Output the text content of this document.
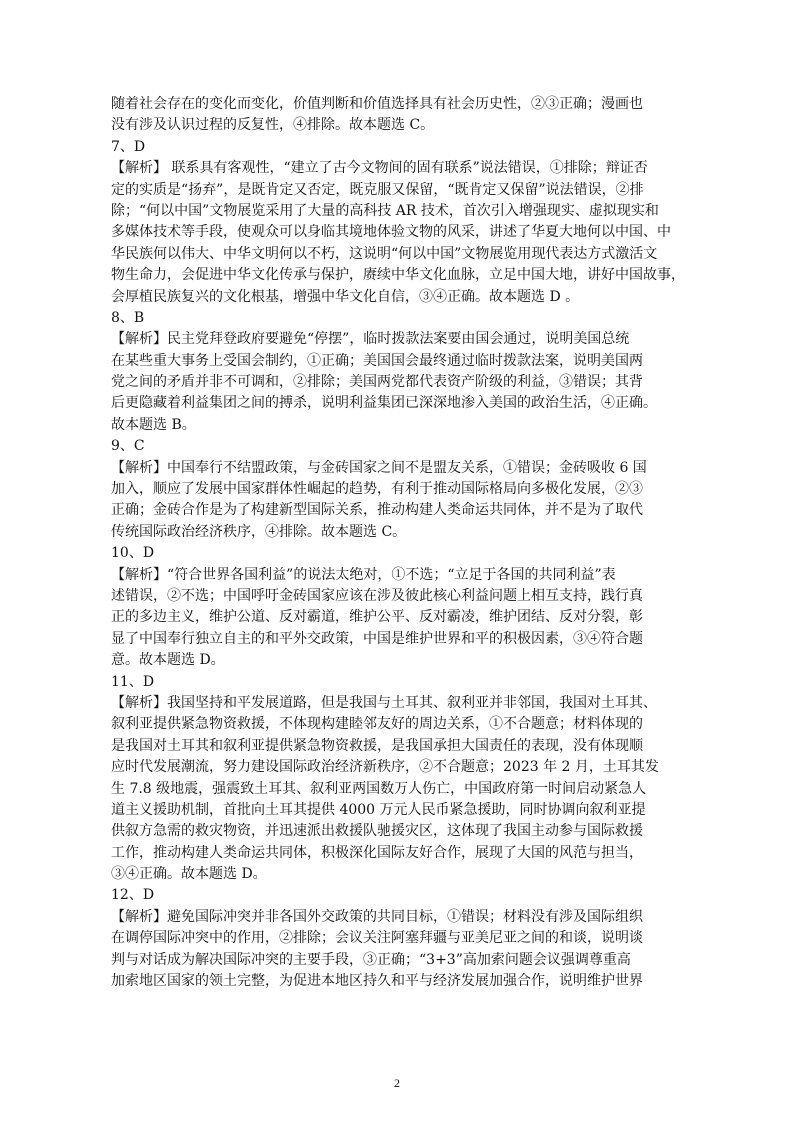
随着社会存在的变化而变化，价值判断和价值选择具有社会历史性，②③正确；漫画也
没有涉及认识过程的反复性，④排除。故本题选 C。
7、D
【解析】 联系具有客观性，“建立了古今文物间的固有联系”说法错误，①排除；辩证否
定的实质是“扬弃”，是既肯定又否定，既克服又保留，“既肯定又保留”说法错误，②排
除；“何以中国”文物展览采用了大量的高科技 AR 技术，首次引入增强现实、虚拟现实和
多媒体技术等手段，使观众可以身临其境地体验文物的风采，讲述了华夏大地何以中国、中
华民族何以伟大、中华文明何以不朽，这说明“何以中国”文物展览用现代表达方式激活文
物生命力，会促进中华文化传承与保护，赓续中华文化血脉，立足中国大地，讲好中国故事，
会厚植民族复兴的文化根基，增强中华文化自信，③④正确。故本题选 D 。
8、B
【解析】民主党拜登政府要避免“停摆”，临时拨款法案要由国会通过，说明美国总统
在某些重大事务上受国会制约，①正确；美国国会最终通过临时拨款法案，说明美国两
党之间的矛盾并非不可调和，②排除；美国两党都代表资产阶级的利益，③错误；其背
后更隐藏着利益集团之间的搏杀，说明利益集团已深深地渗入美国的政治生活，④正确。
故本题选 B。
9、C
【解析】中国奉行不结盟政策，与金砖国家之间不是盟友关系，①错误；金砖吸收 6 国
加入，顺应了发展中国家群体性崛起的趋势，有利于推动国际格局向多极化发展，②③
正确；金砖合作是为了构建新型国际关系，推动构建人类命运共同体，并不是为了取代
传统国际政治经济秩序，④排除。故本题选 C。
10、D
【解析】“符合世界各国利益”的说法太绝对，①不选；“立足于各国的共同利益”表
述错误，②不选；中国呼吁金砖国家应该在涉及彼此核心利益问题上相互支持，践行真
正的多边主义，维护公道、反对霸道，维护公平、反对霸凌，维护团结、反对分裂，彰
显了中国奉行独立自主的和平外交政策，中国是维护世界和平的积极因素，③④符合题
意。故本题选 D。
11、D
【解析】我国坚持和平发展道路，但是我国与土耳其、叙利亚并非邻国，我国对土耳其、
叙利亚提供紧急物资救援，不体现构建睦邻友好的周边关系，①不合题意；材料体现的
是我国对土耳其和叙利亚提供紧急物资救援，是我国承担大国责任的表现，没有体现顺
应时代发展潮流，努力建设国际政治经济新秩序，②不合题意；2023 年 2 月，土耳其发
生 7.8 级地震，强震致土耳其、叙利亚两国数万人伤亡，中国政府第一时间启动紧急人
道主义援助机制，首批向土耳其提供 4000 万元人民币紧急援助，同时协调向叙利亚提
供叙方急需的救灾物资，并迅速派出救援队驰援灾区，这体现了我国主动参与国际救援
工作，推动构建人类命运共同体，积极深化国际友好合作，展现了大国的风范与担当，
③④正确。故本题选 D。
12、D
【解析】避免国际冲突并非各国外交政策的共同目标，①错误；材料没有涉及国际组织
在调停国际冲突中的作用，②排除；会议关注阿塞拜疆与亚美尼亚之间的和谈，说明谈
判与对话成为解决国际冲突的主要手段，③正确；“3+3”高加索问题会议强调尊重高
加索地区国家的领土完整，为促进本地区持久和平与经济发展加强合作，说明维护世界
2
